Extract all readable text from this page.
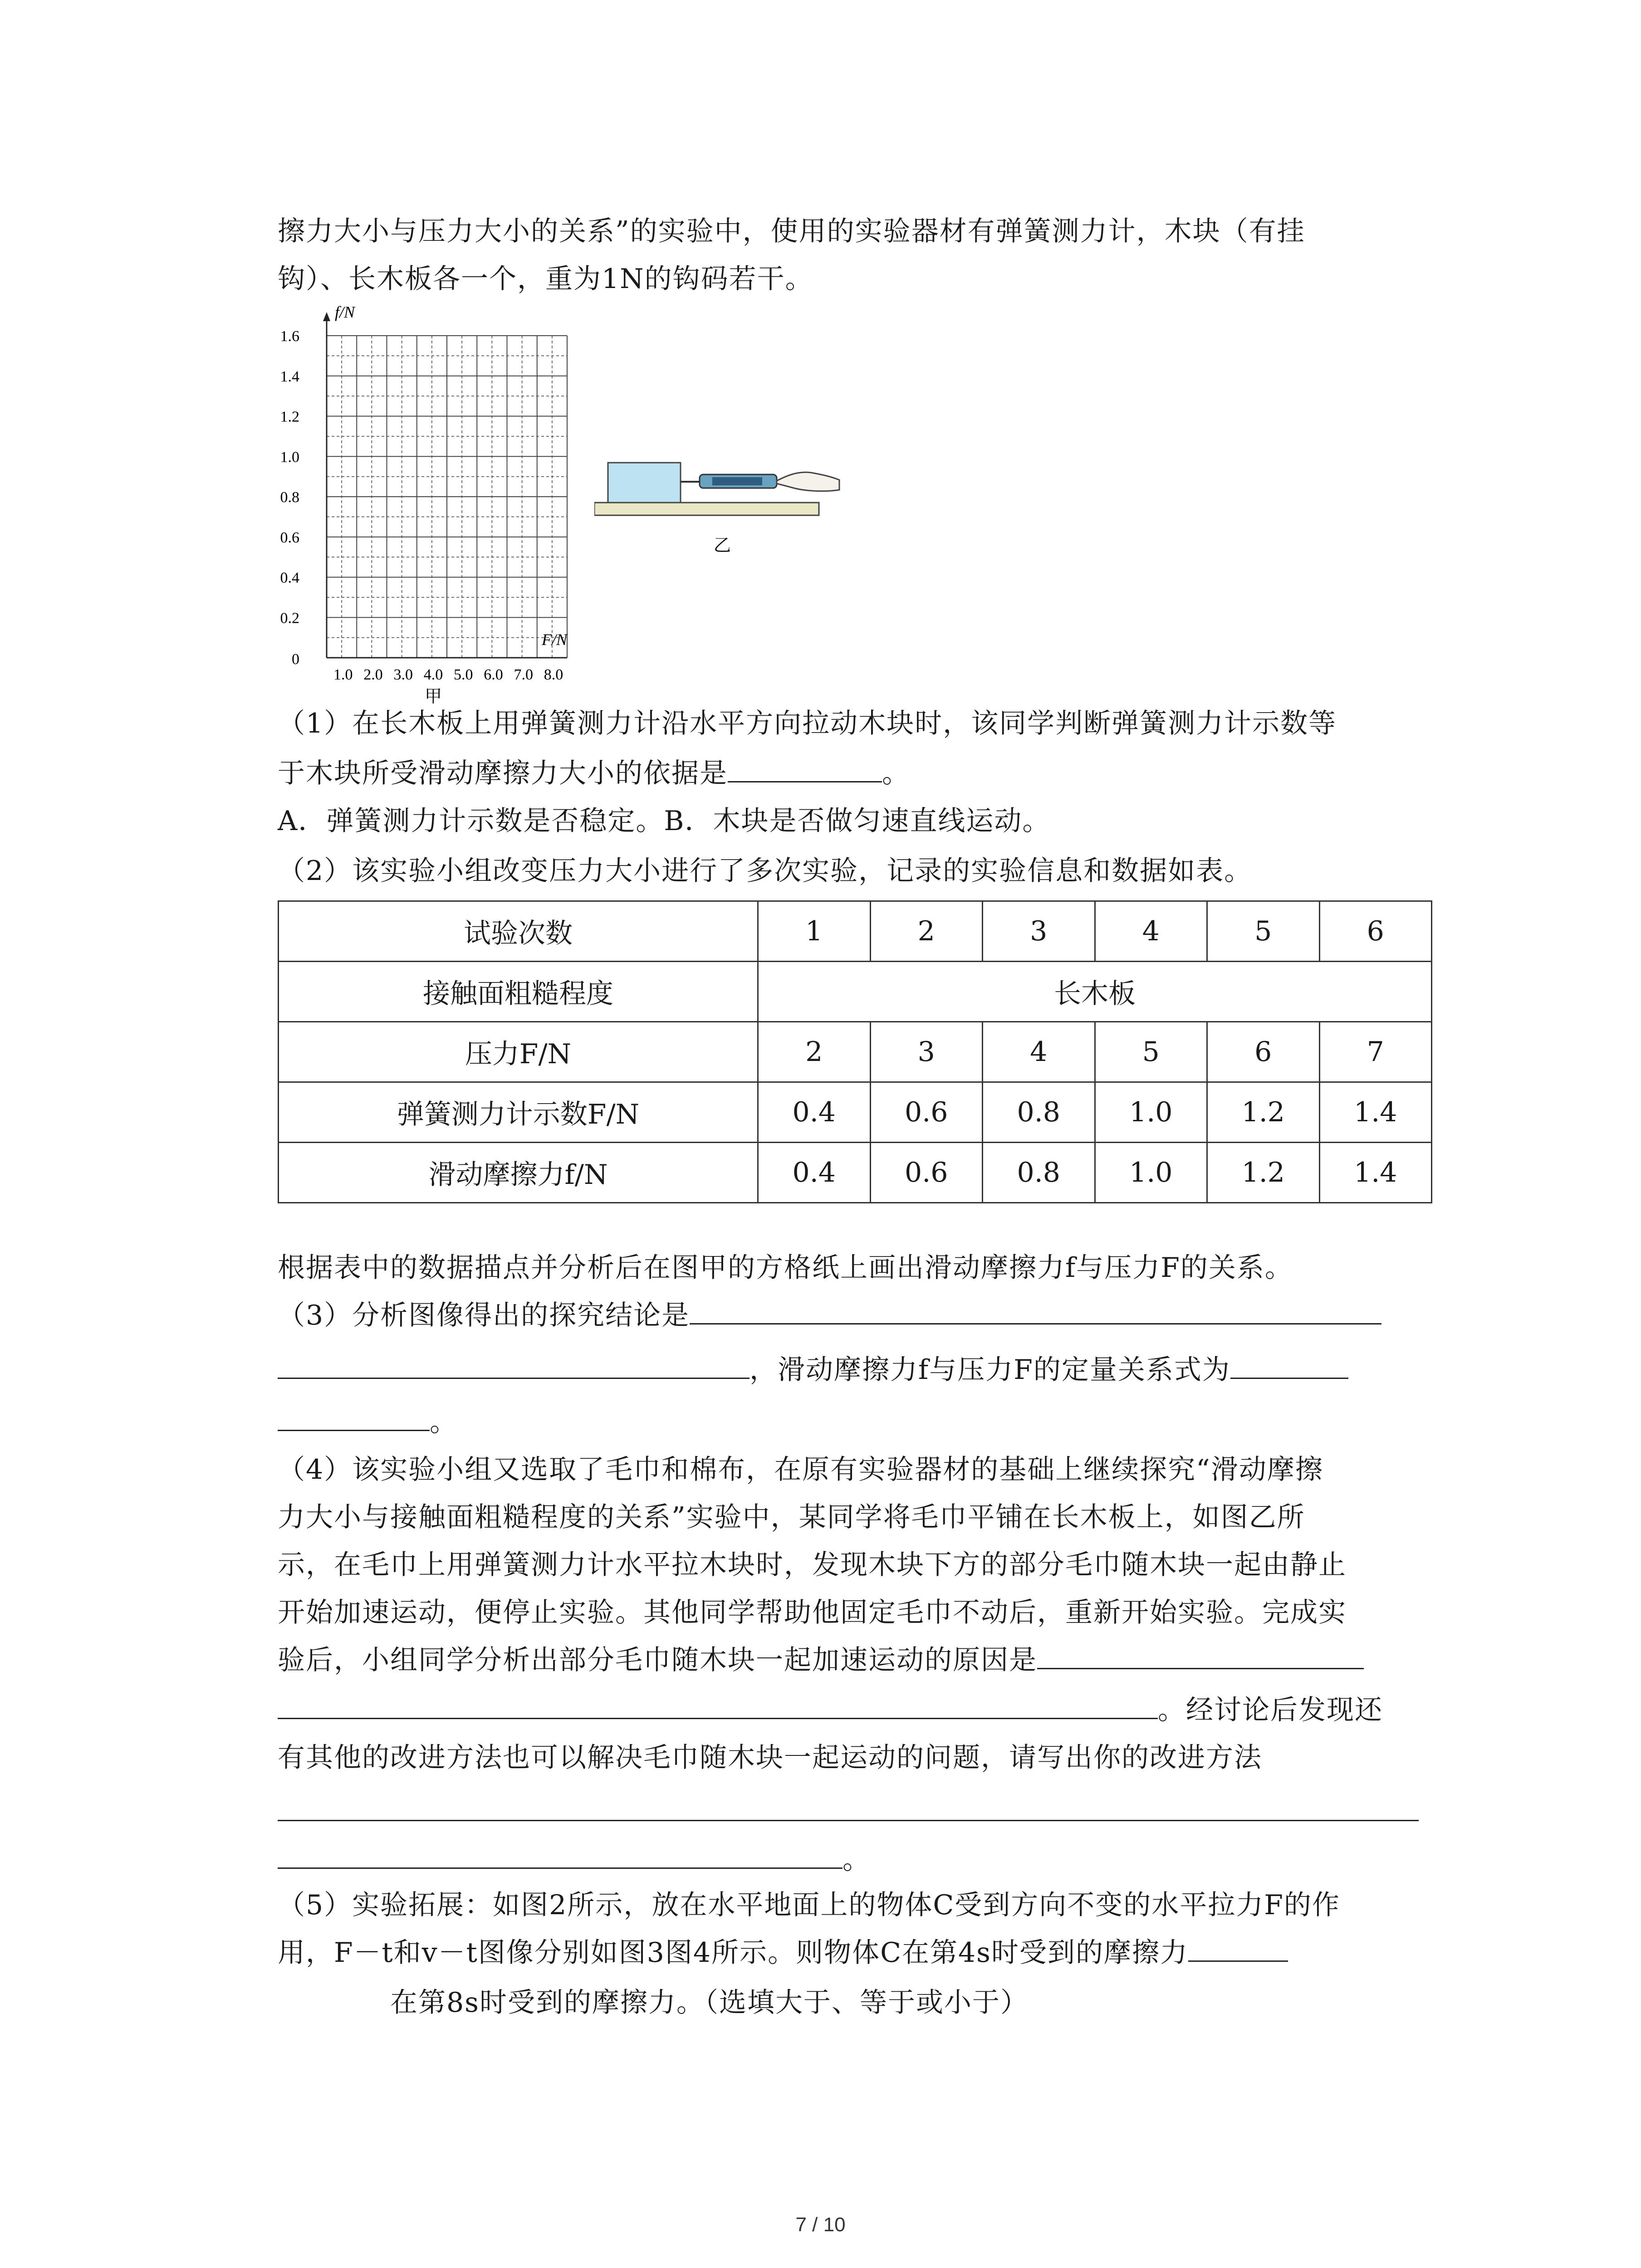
擦力大小与压力大小的关系”的实验中，使用的实验器材有弹簧测力计，木块（有挂
钩）、长木板各一个，重为1N的钩码若干。
f/N
F/N
1.6
1.4
1.2
1.0
0.8
0.6
0.4
0.2
0
1.0 2.0 3.0 4.0 5.0 6.0 7.0 8.0
甲
乙
（1）在长木板上用弹簧测力计沿水平方向拉动木块时，该同学判断弹簧测力计示数等
于木块所受滑动摩擦力大小的依据是	。
A．弹簧测力计示数是否稳定。B．木块是否做匀速直线运动。
（2）该实验小组改变压力大小进行了多次实验，记录的实验信息和数据如表。
试验次数	1	2	3	4	5	6
接触面粗糙程度	长木板					
压力F/N	2	3	4	5	6	7
弹簧测力计示数F/N	0.4	0.6	0.8	1.0	1.2	1.4
滑动摩擦力f/N	0.4	0.6	0.8	1.0	1.2	1.4
根据表中的数据描点并分析后在图甲的方格纸上画出滑动摩擦力f与压力F的关系。
（3）分析图像得出的探究结论是
，滑动摩擦力f与压力F的定量关系式为
。
（4）该实验小组又选取了毛巾和棉布，在原有实验器材的基础上继续探究“滑动摩擦
力大小与接触面粗糙程度的关系”实验中，某同学将毛巾平铺在长木板上，如图乙所
示，在毛巾上用弹簧测力计水平拉木块时，发现木块下方的部分毛巾随木块一起由静止
开始加速运动，便停止实验。其他同学帮助他固定毛巾不动后，重新开始实验。完成实
验后，小组同学分析出部分毛巾随木块一起加速运动的原因是
。经讨论后发现还
有其他的改进方法也可以解决毛巾随木块一起运动的问题，请写出你的改进方法
。
（5）实验拓展：如图2所示，放在水平地面上的物体C受到方向不变的水平拉力F的作
用，F－t和v－t图像分别如图3图4所示。则物体C在第4s时受到的摩擦力
在第8s时受到的摩擦力。（选填大于、等于或小于）
7 / 10
